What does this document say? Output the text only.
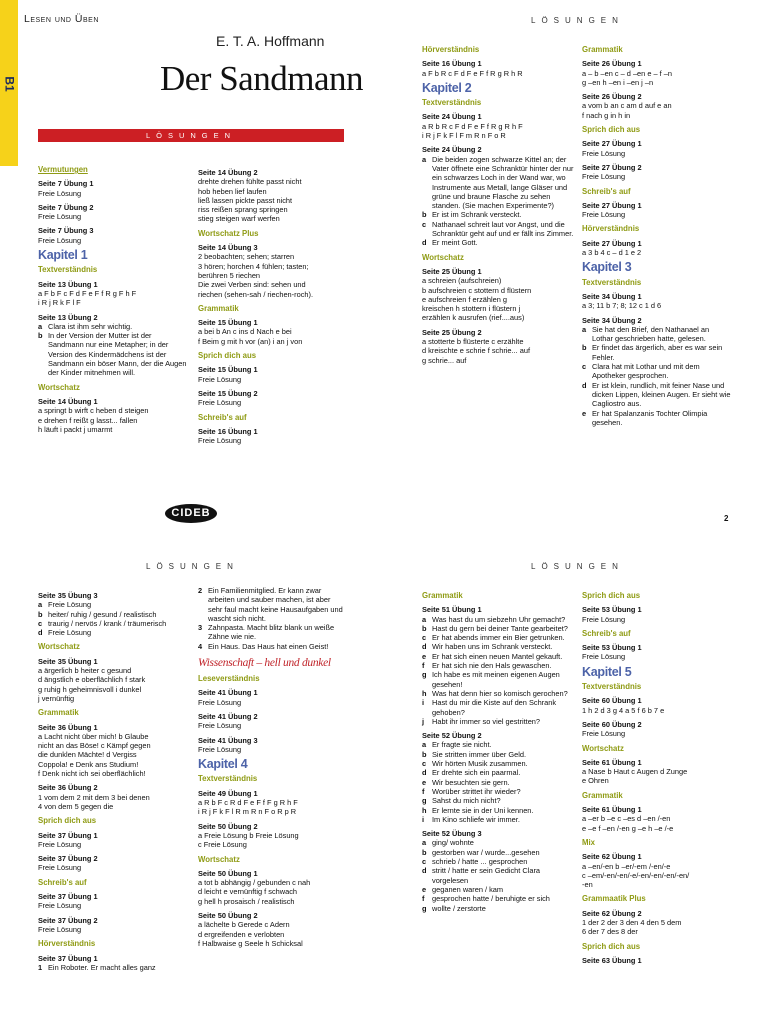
B1
Lesen und Üben
E. T. A. Hoffmann
Der Sandmann
LÖSUNGEN
LÖSUNGEN
LÖSUNGEN	LÖSUNGEN
CIDEB	2
Vermutungen
Seite 7 Übung 1
Freie Lösung
Seite 7 Übung 2
Freie Lösung
Seite 7 Übung 3
Freie Lösung
Kapitel 1
Textverständnis
Seite 13 Übung 1
a F b F c F d F e F f R g F h F
i R j R k F l F
Seite 13 Übung 2
a Clara ist ihm sehr wichtig.
b In der Version der Mutter ist der Sandmann nur eine Metapher; in der Version des Kindermädchens ist der Sandmann ein böser Mann, der die Augen der Kinder mitnehmen will.
Wortschatz
Seite 14 Übung 1
a springt b wirft c heben d steigen
e drehen f reißt g lasst... fallen
h läuft i packt j umarmt
Seite 14 Übung 2
drehte drehen fühlte passt nicht
hob heben lief laufen
ließ lassen pickte passt nicht
riss reißen sprang springen
stieg steigen warf werfen
Wortschatz Plus
Seite 14 Übung 3
2 beobachten; sehen; starren
3 hören; horchen 4 fühlen; tasten;
berühren 5 riechen
Die zwei Verben sind: sehen und
riechen (sehen-sah / riechen-roch).
Grammatik
Seite 15 Übung 1
a bei b An c ins d Nach e bei
f Beim g mit h vor (an) i an j von
Sprich dich aus
Seite 15 Übung 1
Freie Lösung
Seite 15 Übung 2
Freie Lösung
Schreib's auf
Seite 16 Übung 1
Freie Lösung
Hörverständnis
Seite 16 Übung 1
a F b R c F d F e F f R g R h R
Kapitel 2
Textverständnis
Seite 24 Übung 1
a R b R c F d F e F f R g R h F
i R j F k F l F m R n F o R
Seite 24 Übung 2
a Die beiden zogen schwarze Kittel an; der Vater öffnete eine Schranktür hinter der nur ein schwarzes Loch in der Wand war, wo Instrumente aus Metall, lange Gläser und grüne und braune Flasche zu sehen standen. (Sie machen Experimente?)
b Er ist im Schrank versteckt.
c Nathanael schreit laut vor Angst, und die Schranktür geht auf und er fällt ins Zimmer.
d Er meint Gott.
Wortschatz
Seite 25 Übung 1
a schreien (aufschreien)
b aufschreien c stottern d flüstern
e aufschreien f erzählen g
kreischen h stottern i flüstern j
erzählen k ausrufen (rief....aus)
Seite 25 Übung 2
a stotterte b flüsterte c erzählte
d kreischte e schrie f schrie... auf
g schrie... auf
Grammatik
Seite 26 Übung 1
a – b –en c – d –en e – f –n
g –en h –en i –en j –n
Seite 26 Übung 2
a vom b an c am d auf e an
f nach g in h in
Sprich dich aus
Seite 27 Übung 1
Freie Lösung
Seite 27 Übung 2
Freie Lösung
Schreib's auf
Seite 27 Übung 1
Freie Lösung
Hörverständnis
Seite 27 Übung 1
a 3 b 4 c – d 1 e 2
Kapitel 3
Textverständnis
Seite 34 Übung 1
a 3; 11 b 7; 8; 12 c 1 d 6
Seite 34 Übung 2
a Sie hat den Brief, den Nathanael an Lothar geschrieben hatte, gelesen.
b Er findet das ärgerlich, aber es war sein Fehler.
c Clara hat mit Lothar und mit dem Apotheker gesprochen.
d Er ist klein, rundlich, mit feiner Nase und dicken Lippen, kleinen Augen. Er sieht wie Cagliostro aus.
e Er hat Spalanzanis Tochter Olimpia gesehen.
Seite 35 Übung 3
a Freie Lösung
b heiter/ ruhig / gesund / realistisch
c traurig / nervös / krank / träumerisch
d Freie Lösung
Wortschatz
Seite 35 Übung 1
a ärgerlich b heiter c gesund
d ängstlich e oberflächlich f stark
g ruhig h geheimnisvoll i dunkel
j vernünftig
Grammatik
Seite 36 Übung 1
a Lacht nicht über mich! b Glaube
nicht an das Böse! c Kämpf gegen
die dunklen Mächte! d Vergiss
Coppola! e Denk ans Studium!
f Denk nicht ich sei oberflächlich!
Seite 36 Übung 2
1 vom dem 2 mit dem 3 bei denen
4 von dem 5 gegen die
Sprich dich aus
Seite 37 Übung 1
Freie Lösung
Seite 37 Übung 2
Freie Lösung
Schreib's auf
Seite 37 Übung 1
Freie Lösung
Seite 37 Übung 2
Freie Lösung
Hörverständnis
Seite 37 Übung 1
1 Ein Roboter. Er macht alles ganz
2 Ein Familienmitglied. Er kann zwar arbeiten und sauber machen, ist aber sehr faul macht keine Hausaufgaben und wascht sich nicht.
3 Zahnpasta. Macht blitz blank un weiße Zähne wie nie.
4 Ein Haus. Das Haus hat einen Geist!
Wissenschaft – hell und dunkel
Leseverständnis
Seite 41 Übung 1
Freie Lösung
Seite 41 Übung 2
Freie Lösung
Seite 41 Übung 3
Freie Lösung
Kapitel 4
Textverständnis
Seite 49 Übung 1
a R b F c R d F e F f F g R h F
i R j F k F l R m R n F o R p R
Seite 50 Übung 2
a Freie Lösung b Freie Lösung
c Freie Lösung
Wortschatz
Seite 50 Übung 1
a tot b abhängig / gebunden c nah
d leicht e vernünftig f schwach
g hell h prosaisch / realistisch
Seite 50 Übung 2
a lächelte b Gerede c Adern
d ergreifenden e verlobten
f Halbwaise g Seele h Schicksal
Grammatik
Seite 51 Übung 1
a Was hast du um siebzehn Uhr gemacht?
b Hast du gern bei deiner Tante gearbeitet?
c Er hat abends immer ein Bier getrunken.
d Wir haben uns im Schrank versteckt.
e Er hat sich einen neuen Mantel gekauft.
f	Er hat sich nie den Hals gewaschen.
g Ich habe es mit meinen eigenen Augen gesehen!
h Was hat denn hier so komisch gerochen?
i	Hast du mir die Kiste auf den Schrank gehoben?
j	Habt ihr immer so viel gestritten?
Seite 52 Übung 2
a Er fragte sie nicht.
b Sie stritten immer über Geld.
c Wir hörten Musik zusammen.
d Er drehte sich ein paarmal.
e Wir besuchten sie gern.
f	Worüber strittet ihr wieder?
g Sahst du mich nicht?
h Er lernte sie in der Uni kennen.
i	Im Kino schliefe wir immer.
Seite 52 Übung 3
a ging/ wohnte
b gestorben war / wurde...gesehen
c schrieb / hatte ... gesprochen
d stritt / hatte er sein Gedicht Clara vorgelesen
e geganen waren / kam
f	gesprochen hatte / beruhigte er sich
g wollte / zerstorte
Sprich dich aus
Seite 53 Übung 1
Freie Lösung
Schreib's auf
Seite 53 Übung 1
Freie Lösung
Kapitel 5
Textverständnis
Seite 60 Übung 1
1 h 2 d 3 g 4 a 5 f 6 b 7 e
Seite 60 Übung 2
Freie Lösung
Wortschatz
Seite 61 Übung 1
a Nase b Haut c Augen d Zunge
e Ohren
Grammatik
Seite 61 Übung 1
a –er b –e c –es d –en /-en
e –e f –en /-en g –e h –e /-e
Mix
Seite 62 Übung 1
a –en/-en b –er/-em /-en/-e
c –em/-en/-en/-e/-en/-en/-en/-en/
-en
Grammaatik Plus
Seite 62 Übung 2
1 der 2 der 3 den 4 den 5 dem
6 der 7 des 8 der
Sprich dich aus
Seite 63 Übung 1
